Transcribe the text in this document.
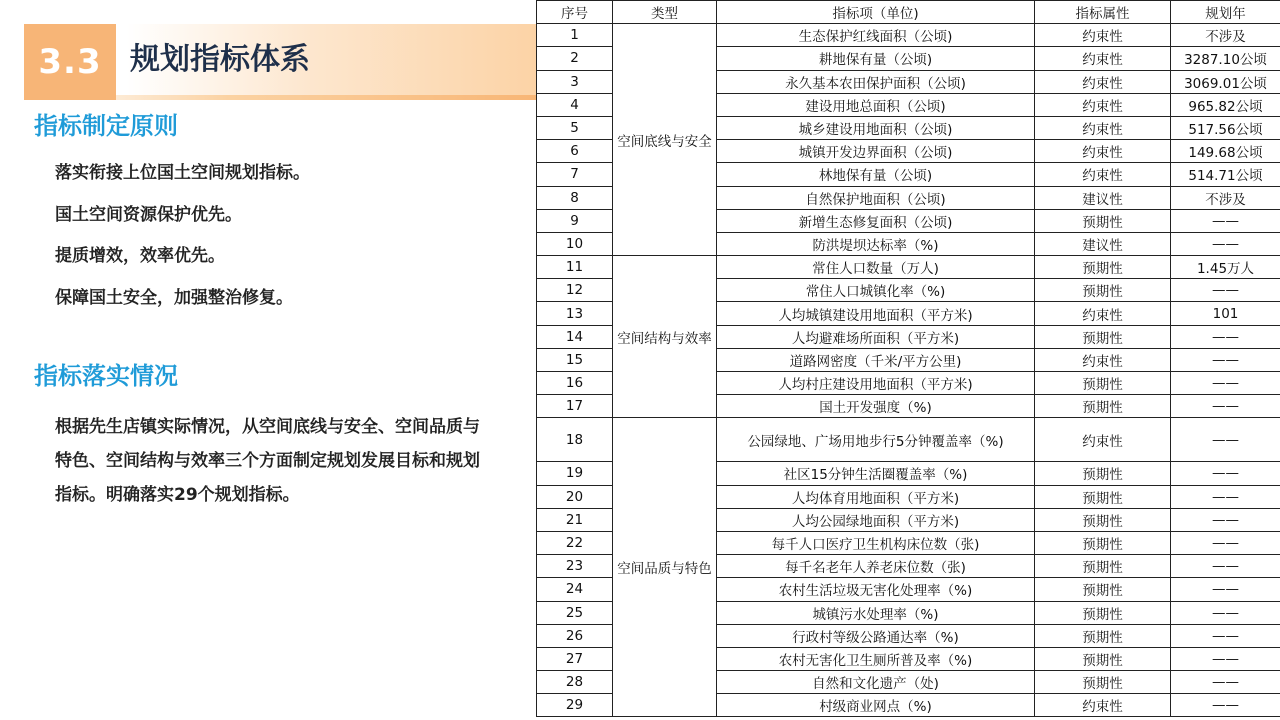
3.3 规划指标体系
指标制定原则
落实衔接上位国土空间规划指标。
国土空间资源保护优先。
提质增效，效率优先。
保障国土安全，加强整治修复。
指标落实情况
根据先生店镇实际情况，从空间底线与安全、空间品质与特色、空间结构与效率三个方面制定规划发展目标和规划指标。明确落实29个规划指标。
序号	类型	指标项（单位)	指标属性	规划年
1	空间底线与安全	生态保护红线面积（公顷)	约束性	不涉及
2		耕地保有量（公顷)	约束性	3287.10公顷
3		永久基本农田保护面积（公顷)	约束性	3069.01公顷
4		建设用地总面积（公顷)	约束性	965.82公顷
5		城乡建设用地面积（公顷)	约束性	517.56公顷
6		城镇开发边界面积（公顷)	约束性	149.68公顷
7		林地保有量（公顷)	约束性	514.71公顷
8		自然保护地面积（公顷)	建议性	不涉及
9		新增生态修复面积（公顷)	预期性	——
10		防洪堤坝达标率（%)	建议性	——
11	空间结构与效率	常住人口数量（万人)	预期性	1.45万人
12		常住人口城镇化率（%)	预期性	——
13		人均城镇建设用地面积（平方米)	约束性	101
14		人均避难场所面积（平方米)	预期性	——
15		道路网密度（千米/平方公里)	约束性	——
16		人均村庄建设用地面积（平方米)	预期性	——
17		国土开发强度（%)	预期性	——
18	空间品质与特色	公园绿地、广场用地步行5分钟覆盖率（%)	约束性	——
19		社区15分钟生活圈覆盖率（%)	预期性	——
20		人均体育用地面积（平方米)	预期性	——
21		人均公园绿地面积（平方米)	预期性	——
22		每千人口医疗卫生机构床位数（张)	预期性	——
23		每千名老年人养老床位数（张)	预期性	——
24		农村生活垃圾无害化处理率（%)	预期性	——
25		城镇污水处理率（%)	预期性	——
26		行政村等级公路通达率（%)	预期性	——
27		农村无害化卫生厕所普及率（%)	预期性	——
28		自然和文化遗产（处)	预期性	——
29		村级商业网点（%)	约束性	——
